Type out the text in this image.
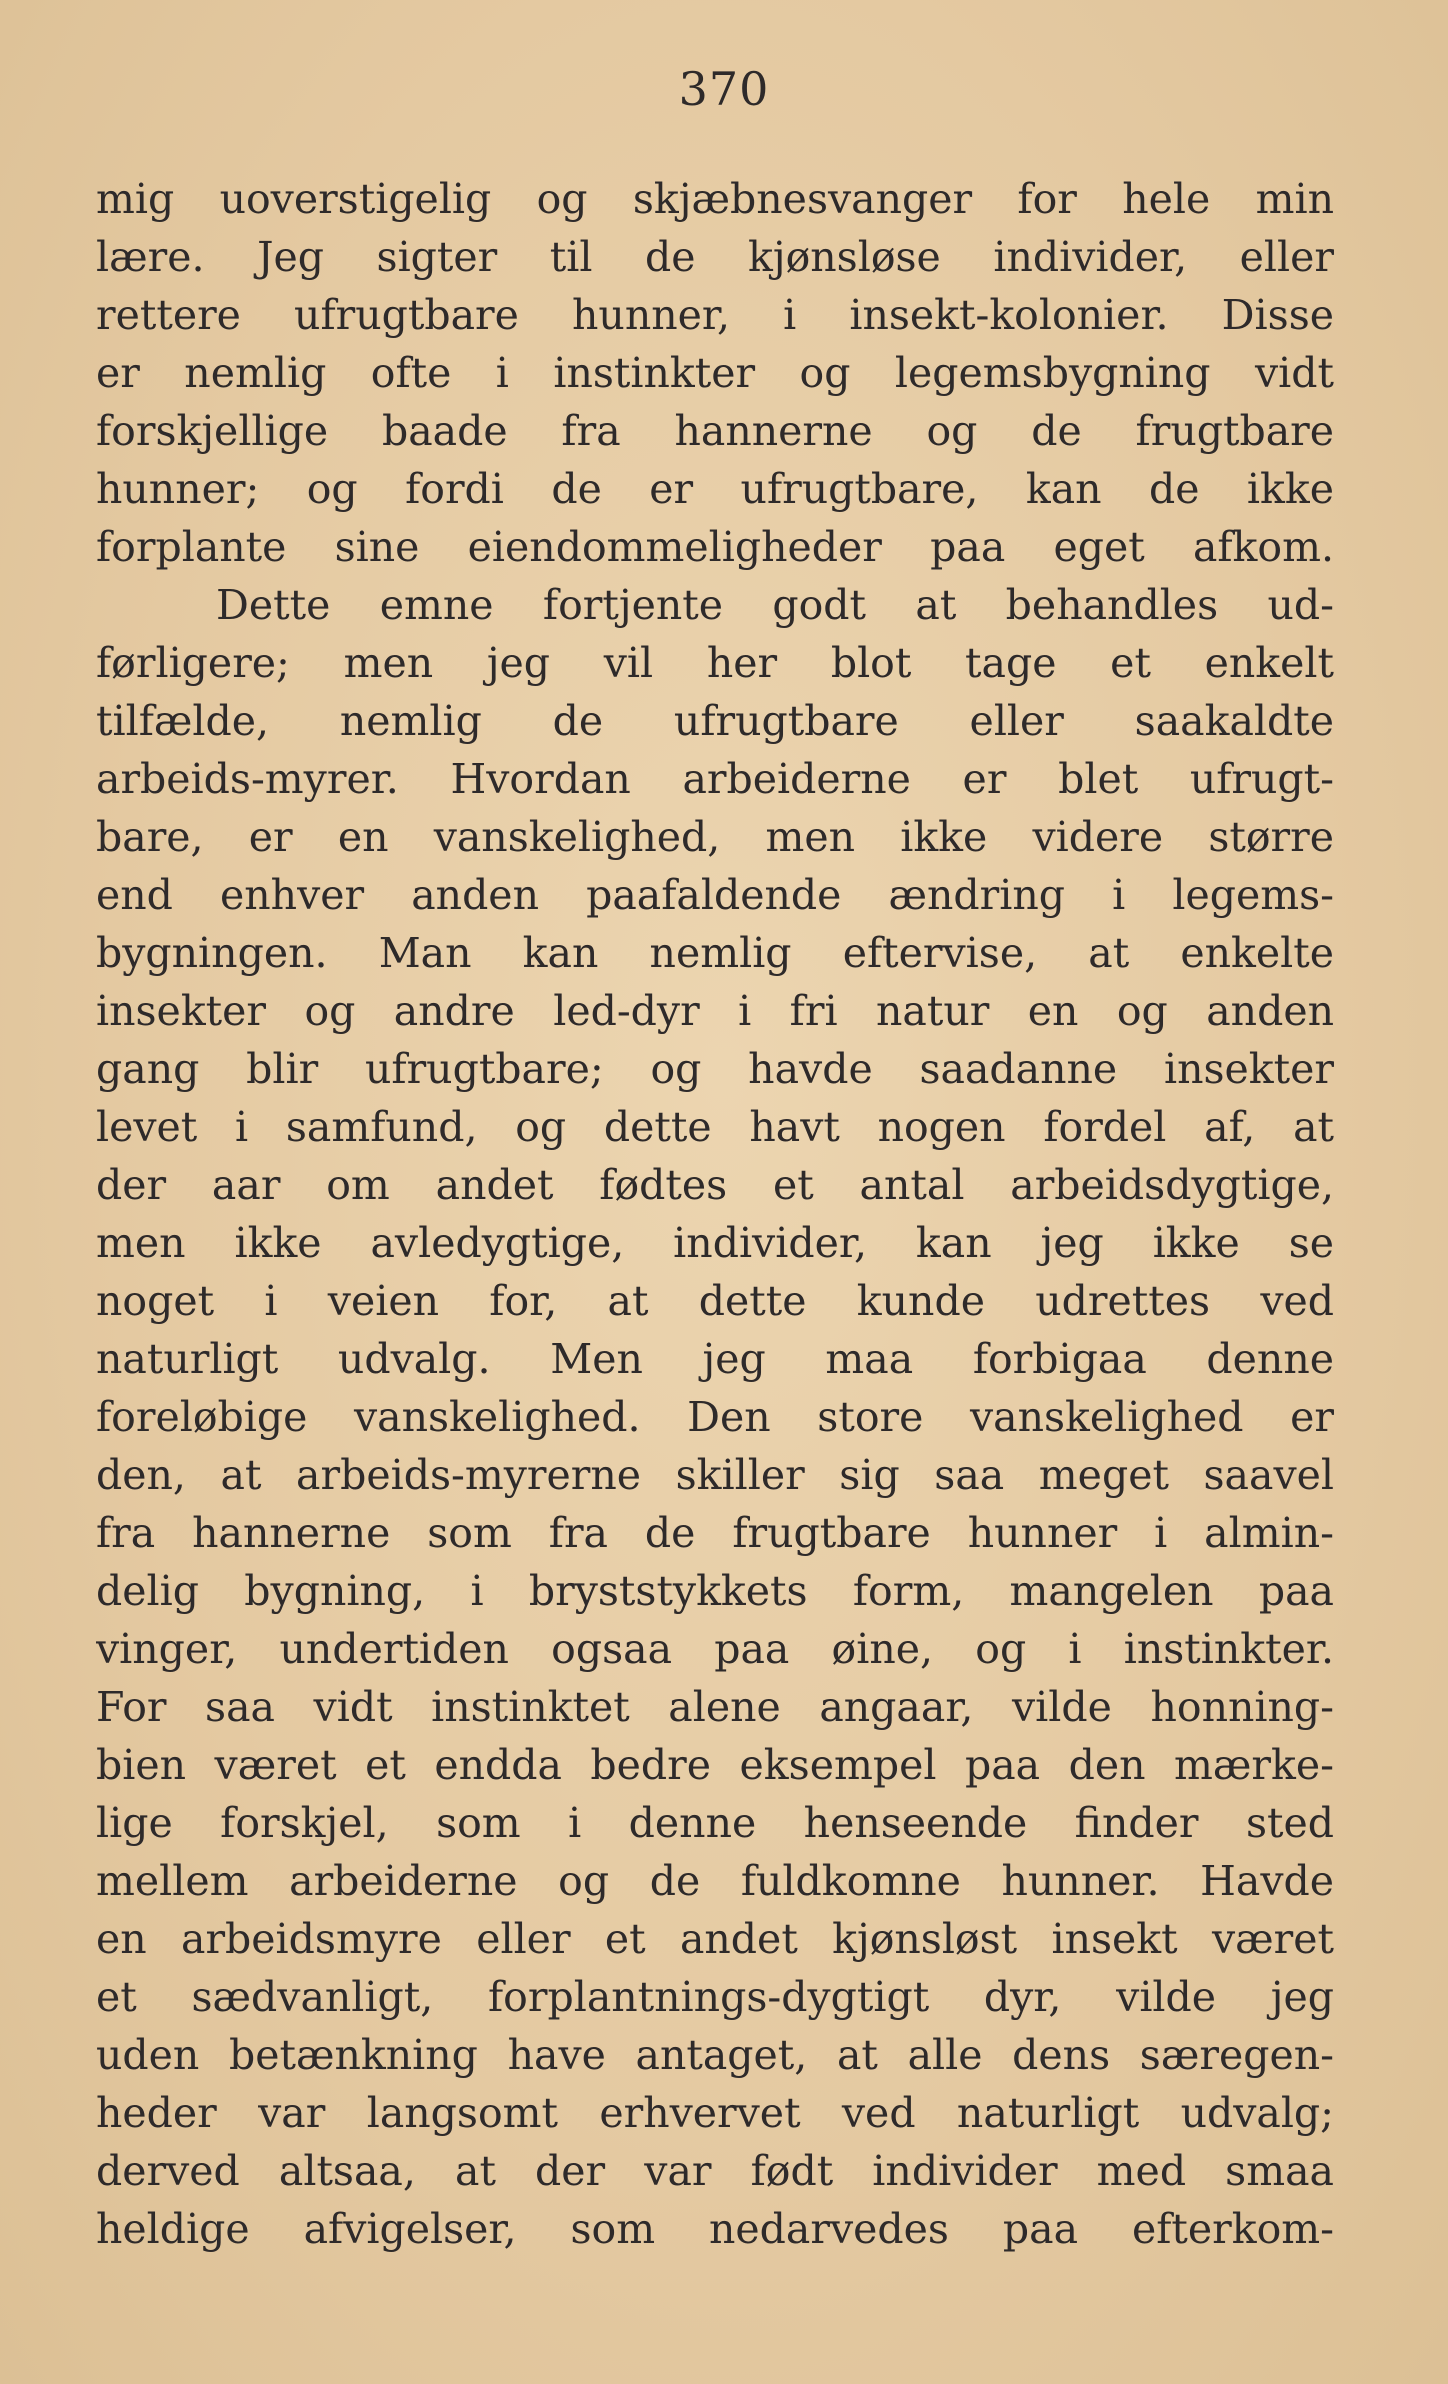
370
mig uoverstigelig og skjæbnesvanger for hele min
lære. Jeg sigter til de kjønsløse individer, eller
rettere ufrugtbare hunner, i insekt-kolonier. Disse
er nemlig ofte i instinkter og legemsbygning vidt
forskjellige baade fra hannerne og de frugtbare
hunner; og fordi de er ufrugtbare, kan de ikke
forplante sine eiendommeligheder paa eget afkom.
Dette emne fortjente godt at behandles ud-
førligere; men jeg vil her blot tage et enkelt
tilfælde, nemlig de ufrugtbare eller saakaldte
arbeids-myrer. Hvordan arbeiderne er blet ufrugt-
bare, er en vanskelighed, men ikke videre større
end enhver anden paafaldende ændring i legems-
bygningen. Man kan nemlig eftervise, at enkelte
insekter og andre led-dyr i fri natur en og anden
gang blir ufrugtbare; og havde saadanne insekter
levet i samfund, og dette havt nogen fordel af, at
der aar om andet fødtes et antal arbeidsdygtige,
men ikke avledygtige, individer, kan jeg ikke se
noget i veien for, at dette kunde udrettes ved
naturligt udvalg. Men jeg maa forbigaa denne
foreløbige vanskelighed. Den store vanskelighed er
den, at arbeids-myrerne skiller sig saa meget saavel
fra hannerne som fra de frugtbare hunner i almin-
delig bygning, i bryststykkets form, mangelen paa
vinger, undertiden ogsaa paa øine, og i instinkter.
For saa vidt instinktet alene angaar, vilde honning-
bien været et endda bedre eksempel paa den mærke-
lige forskjel, som i denne henseende finder sted
mellem arbeiderne og de fuldkomne hunner. Havde
en arbeidsmyre eller et andet kjønsløst insekt været
et sædvanligt, forplantnings-dygtigt dyr, vilde jeg
uden betænkning have antaget, at alle dens særegen-
heder var langsomt erhvervet ved naturligt udvalg;
derved altsaa, at der var født individer med smaa
heldige afvigelser, som nedarvedes paa efterkom-
